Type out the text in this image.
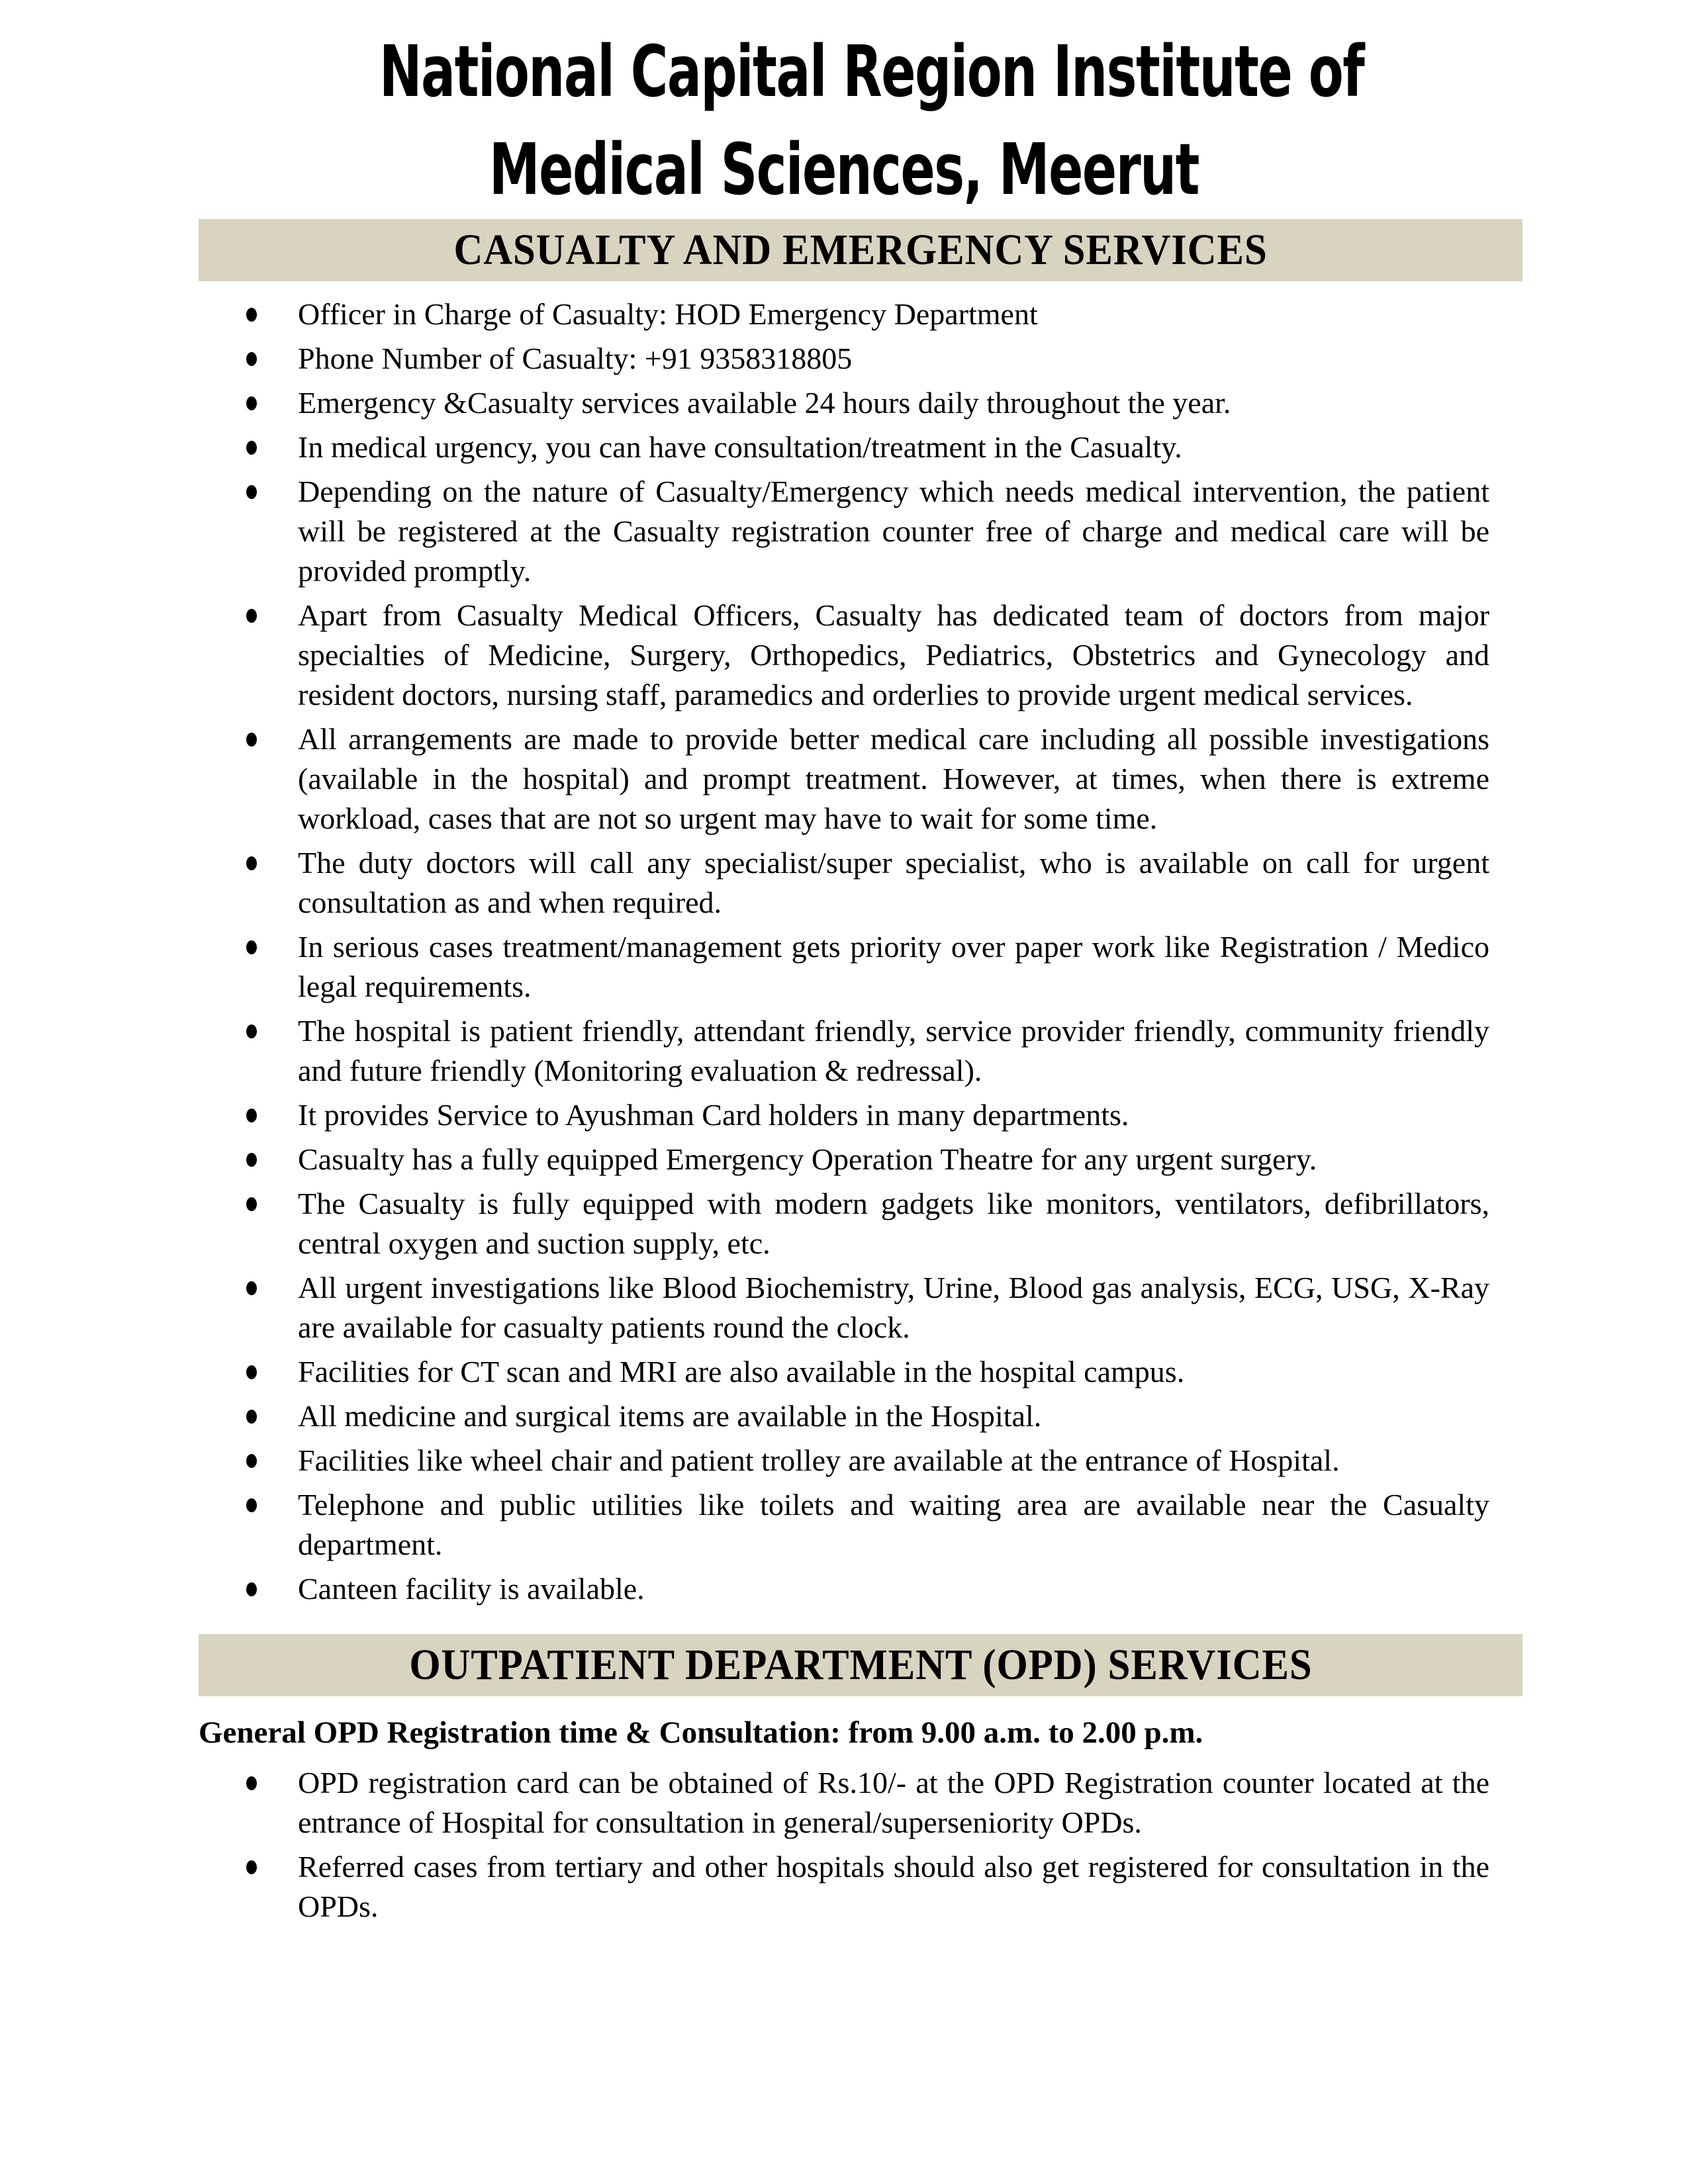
National Capital Region Institute of
Medical Sciences, Meerut
CASUALTY AND EMERGENCY SERVICES
Officer in Charge of Casualty: HOD Emergency Department
Phone Number of Casualty: +91 9358318805
Emergency &Casualty services available 24 hours daily throughout the year.
In medical urgency, you can have consultation/treatment in the Casualty.
Depending on the nature of Casualty/Emergency which needs medical intervention, the patient will be registered at the Casualty registration counter free of charge and medical care will be provided promptly.
Apart from Casualty Medical Officers, Casualty has dedicated team of doctors from major specialties of Medicine, Surgery, Orthopedics, Pediatrics, Obstetrics and Gynecology and resident doctors, nursing staff, paramedics and orderlies to provide urgent medical services.
All arrangements are made to provide better medical care including all possible investigations (available in the hospital) and prompt treatment. However, at times, when there is extreme workload, cases that are not so urgent may have to wait for some time.
The duty doctors will call any specialist/super specialist, who is available on call for urgent consultation as and when required.
In serious cases treatment/management gets priority over paper work like Registration / Medico legal requirements.
The hospital is patient friendly, attendant friendly, service provider friendly, community friendly and future friendly (Monitoring evaluation & redressal).
It provides Service to Ayushman Card holders in many departments.
Casualty has a fully equipped Emergency Operation Theatre for any urgent surgery.
The Casualty is fully equipped with modern gadgets like monitors, ventilators, defibrillators, central oxygen and suction supply, etc.
All urgent investigations like Blood Biochemistry, Urine, Blood gas analysis, ECG, USG, X-Ray are available for casualty patients round the clock.
Facilities for CT scan and MRI are also available in the hospital campus.
All medicine and surgical items are available in the Hospital.
Facilities like wheel chair and patient trolley are available at the entrance of Hospital.
Telephone and public utilities like toilets and waiting area are available near the Casualty department.
Canteen facility is available.
OUTPATIENT DEPARTMENT (OPD) SERVICES

General OPD Registration time & Consultation: from 9.00 a.m. to 2.00 p.m.

OPD registration card can be obtained of Rs.10/- at the OPD Registration counter located at the entrance of Hospital for consultation in general/superseniority OPDs.
Referred cases from tertiary and other hospitals should also get registered for consultation in the OPDs.
